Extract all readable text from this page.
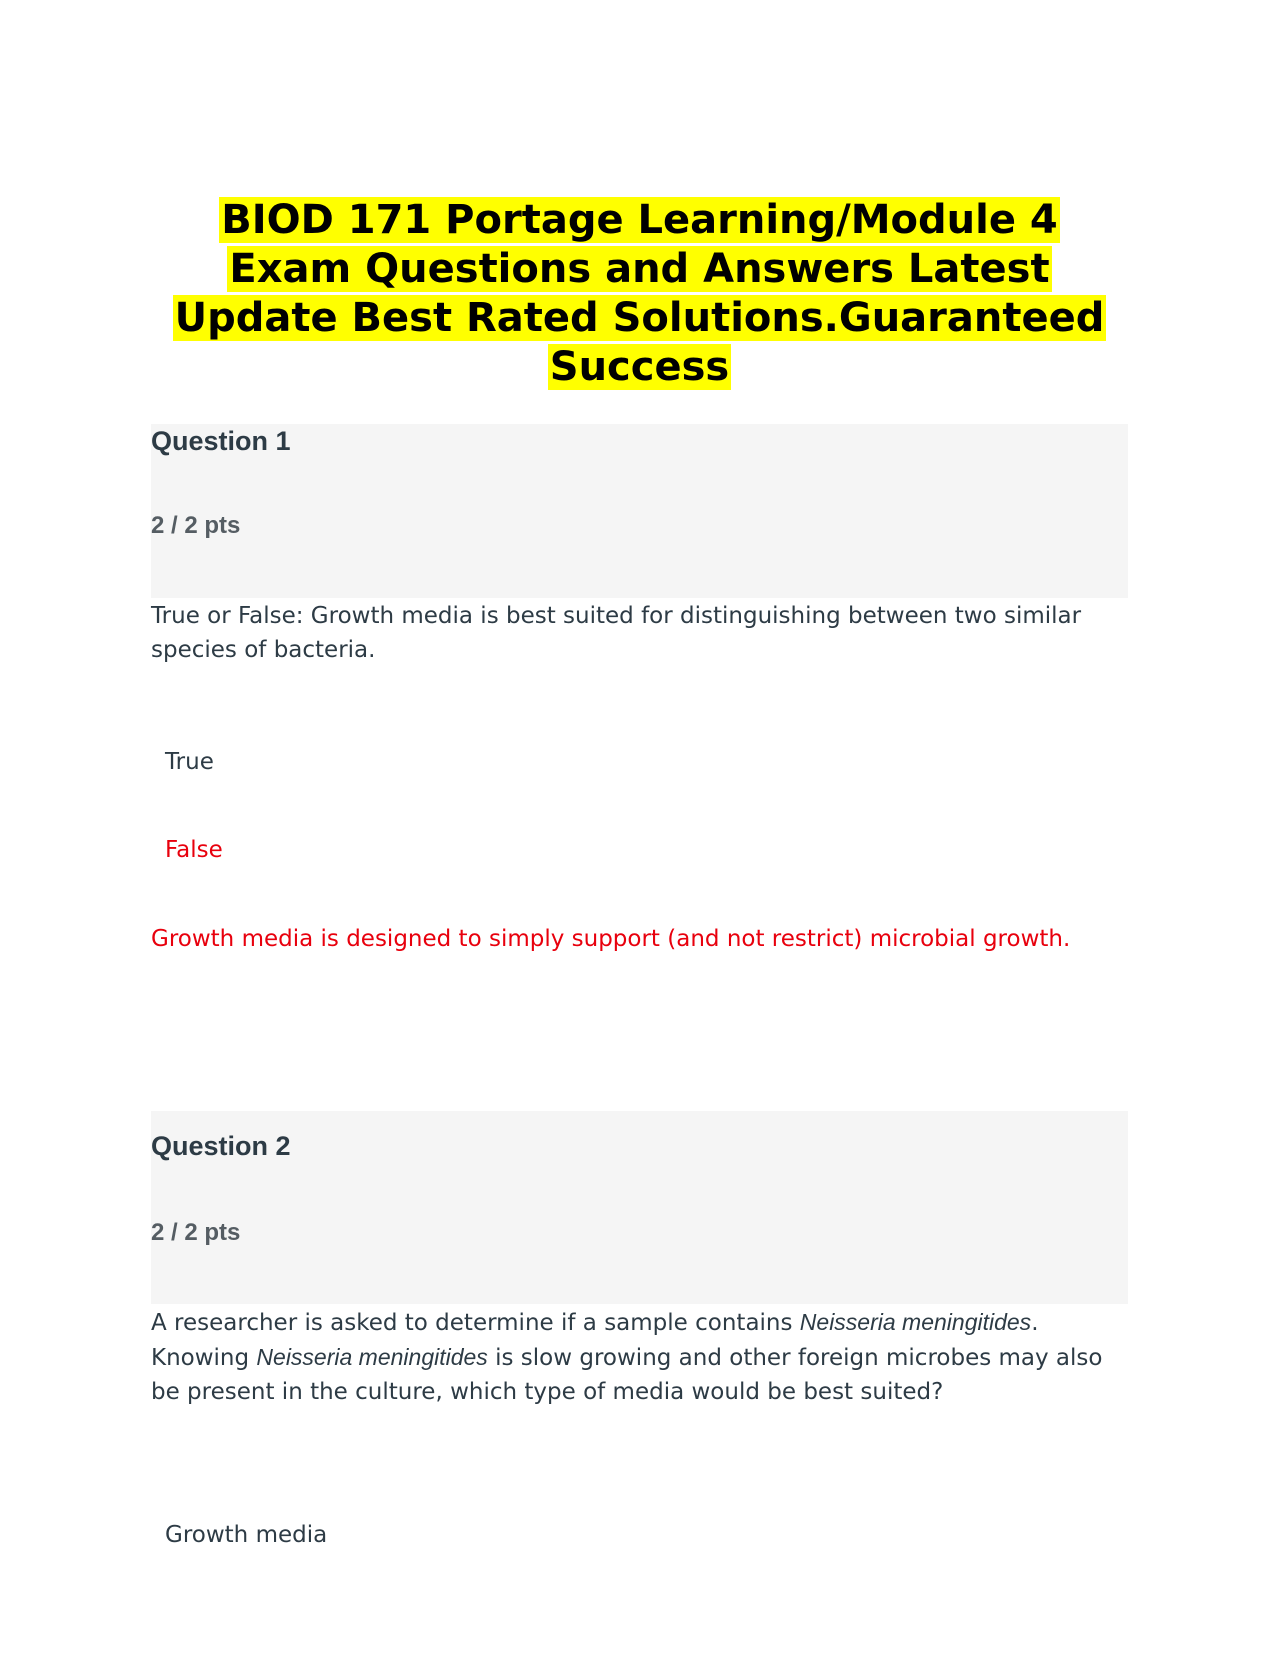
BIOD 171 Portage Learning/Module 4
Exam Questions and Answers Latest
Update Best Rated Solutions.Guaranteed
Success
Question 1
2 / 2 pts
True or False: Growth media is best suited for distinguishing between two similar species of bacteria.
True
False
Growth media is designed to simply support (and not restrict) microbial growth.
Question 2
2 / 2 pts
A researcher is asked to determine if a sample contains Neisseria meningitides. Knowing Neisseria meningitides is slow growing and other foreign microbes may also be present in the culture, which type of media would be best suited?
Growth media
